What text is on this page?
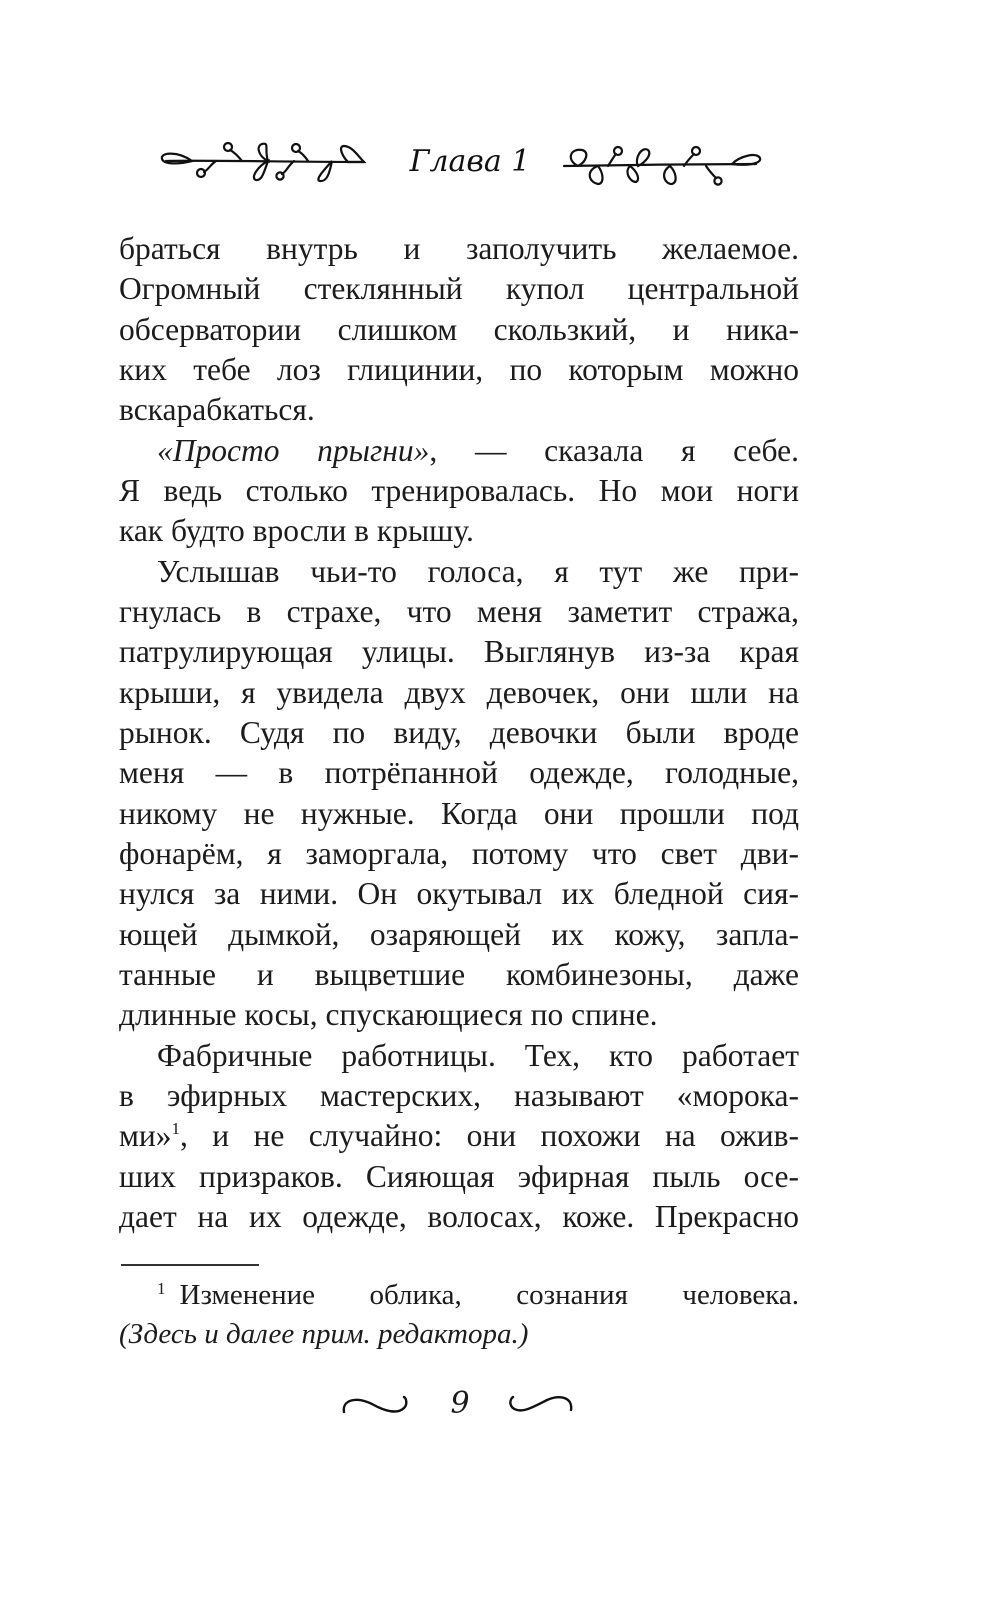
Глава 1
браться внутрь и заполучить желаемое.
Огромный стеклянный купол центральной
обсерватории слишком скользкий, и ника-
ких тебе лоз глицинии, по которым можно
вскарабкаться.
«Просто прыгни», — сказала я себе.
Я ведь столько тренировалась. Но мои ноги
как будто вросли в крышу.
Услышав чьи-то голоса, я тут же при-
гнулась в страхе, что меня заметит стража,
патрулирующая улицы. Выглянув из-за края
крыши, я увидела двух девочек, они шли на
рынок. Судя по виду, девочки были вроде
меня — в потрёпанной одежде, голодные,
никому не нужные. Когда они прошли под
фонарём, я заморгала, потому что свет дви-
нулся за ними. Он окутывал их бледной сия-
ющей дымкой, озаряющей их кожу, запла-
танные и выцветшие комбинезоны, даже
длинные косы, спускающиеся по спине.
Фабричные работницы. Тех, кто работает
в эфирных мастерских, называют «морока-
ми»$^1$, и не случайно: они похожи на ожив-
ших призраков. Сияющая эфирная пыль осе-
дает на их одежде, волосах, коже. Прекрасно
$^1$ Изменение облика, сознания человека.
(Здесь и далее прим. редактора.)
9
